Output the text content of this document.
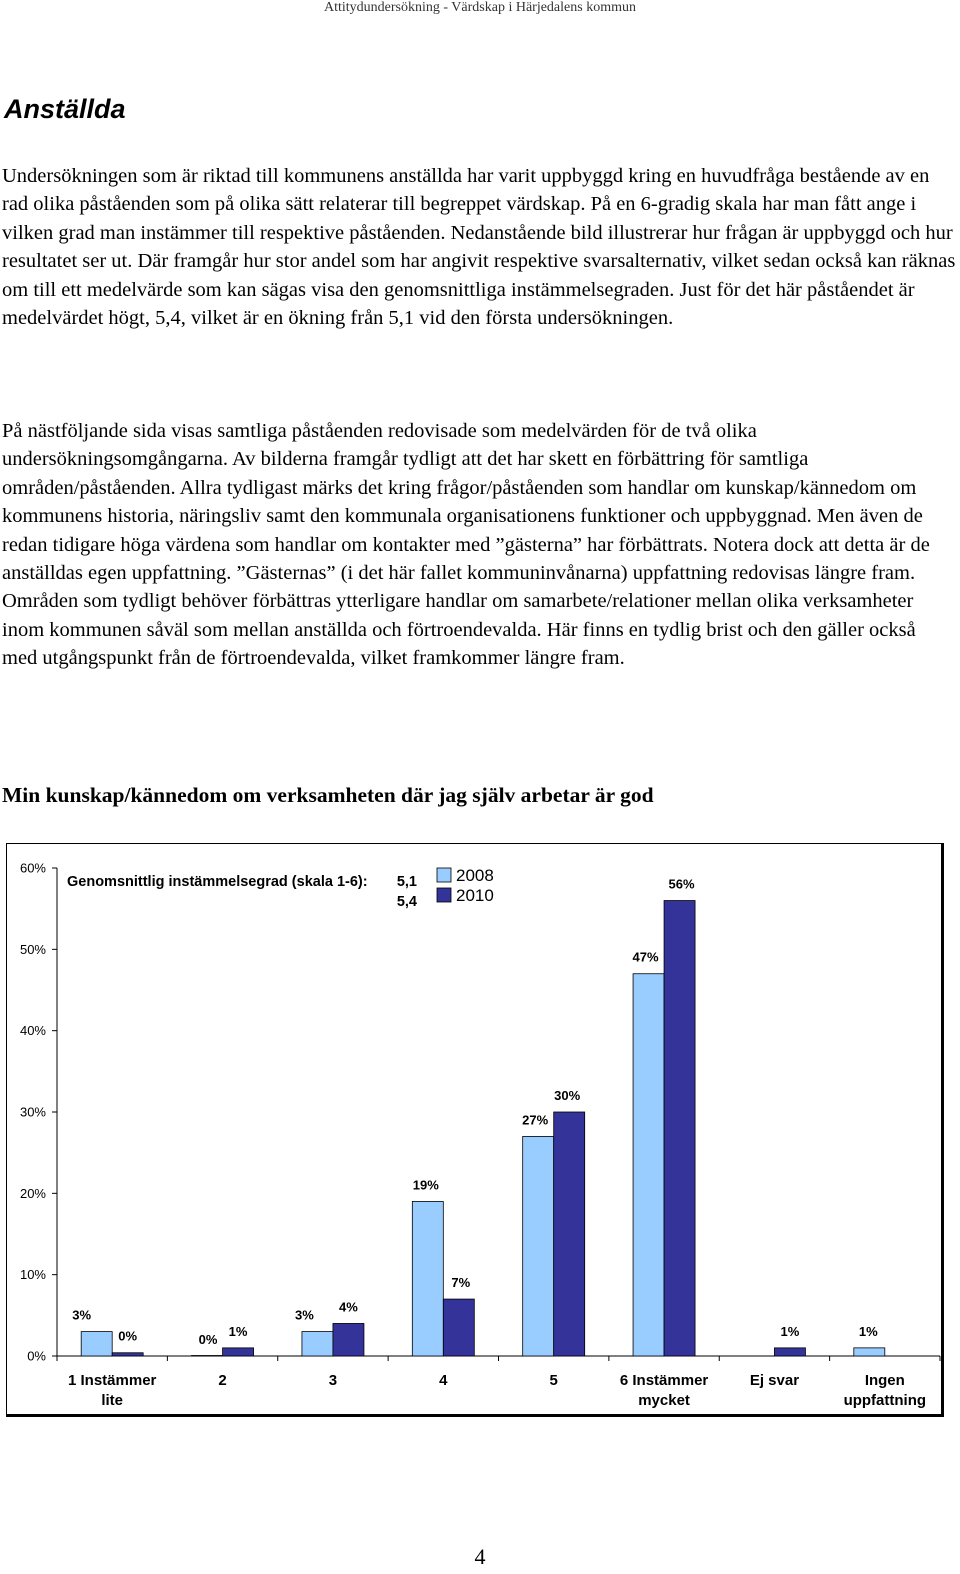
Attitydundersökning - Värdskap i Härjedalens kommun
Anställda

Undersökningen som är riktad till kommunens anställda har varit uppbyggd kring en huvudfråga bestående av en rad olika påståenden som på olika sätt relaterar till begreppet värdskap. På en 6-gradig skala har man fått ange i vilken grad man instämmer till respektive påståenden. Nedanstående bild illustrerar hur frågan är uppbyggd och hur resultatet ser ut. Där framgår hur stor andel som har angivit respektive svarsalternativ, vilket sedan också kan räknas om till ett medelvärde som kan sägas visa den genomsnittliga instämmelsegraden. Just för det här påståendet är medelvärdet högt, 5,4, vilket är en ökning från 5,1 vid den första undersökningen.

På nästföljande sida visas samtliga påståenden redovisade som medelvärden för de två olika undersökningsomgångarna. Av bilderna framgår tydligt att det har skett en förbättring för samtliga områden/påståenden. Allra tydligast märks det kring frågor/påståenden som handlar om kunskap/kännedom om kommunens historia, näringsliv samt den kommunala organisationens funktioner och uppbyggnad. Men även de redan tidigare höga värdena som handlar om kontakter med ”gästerna” har förbättrats. Notera dock att detta är de anställdas egen uppfattning. ”Gästernas” (i det här fallet kommuninvånarna) uppfattning redovisas längre fram. Områden som tydligt behöver förbättras ytterligare handlar om samarbete/relationer mellan olika verksamheter inom kommunen såväl som mellan anställda och förtroendevalda. Här finns en tydlig brist och den gäller också med utgångspunkt från de förtroendevalda, vilket framkommer längre fram.

Min kunskap/kännedom om verksamheten där jag själv arbetar är god
0%
10%
20%
30%
40%
50%
60%
1 Instämmer
lite
2	3	4	5	6 Instämmer
mycket
Ej svar	Ingen
uppfattning
3%
0%
3%
19%
27%
47%
1%
0%	1%
4%
7%
30%
56%
1%
Genomsnittlig instämmelsegrad (skala 1-6): 5,1
5,4
2008
2010
4
